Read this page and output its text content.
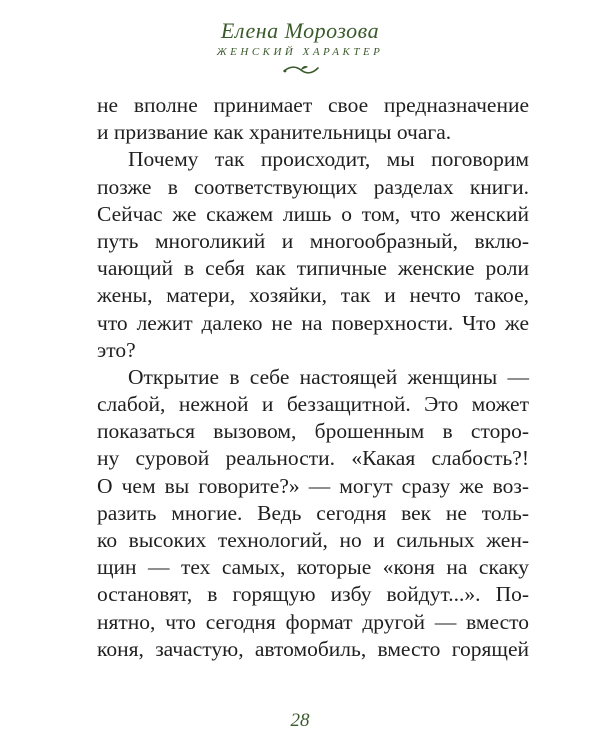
Елена Морозова
ЖЕНСКИЙ ХАРАКТЕР
не вполне принимает свое предназначение
и призвание как хранительницы очага.
Почему так происходит, мы поговорим
позже в соответствующих разделах книги.
Сейчас же скажем лишь о том, что женский
путь многоликий и многообразный, вклю-
чающий в себя как типичные женские роли
жены, матери, хозяйки, так и нечто такое,
что лежит далеко не на поверхности. Что же
это?
Открытие в себе настоящей женщины —
слабой, нежной и беззащитной. Это может
показаться вызовом, брошенным в сторо-
ну суровой реальности. «Какая слабость?!
О чем вы говорите?» — могут сразу же воз-
разить многие. Ведь сегодня век не толь-
ко высоких технологий, но и сильных жен-
щин — тех самых, которые «коня на скаку
остановят, в горящую избу войдут...». По-
нятно, что сегодня формат другой — вместо
коня, зачастую, автомобиль, вместо горящей
28
